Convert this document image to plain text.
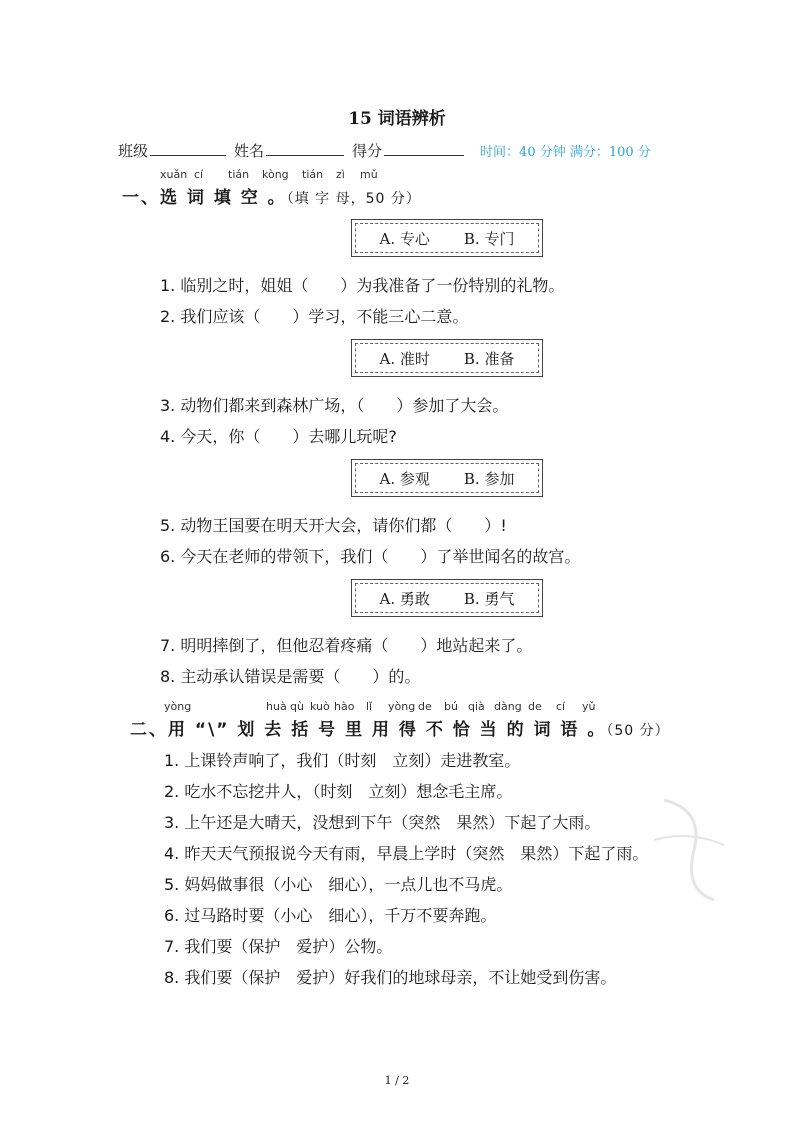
15 词语辨析
班级	姓名	得分	时间：40 分钟 满分：100 分
xuǎn cí tián kòng tián zì mǔ
一、选 词 填 空 。（填 字 母，50 分）
A. 专心 B. 专门
1. 临别之时，姐姐（　　）为我准备了一份特别的礼物。
2. 我们应该（　　）学习，不能三心二意。
A. 准时 B. 准备
3. 动物们都来到森林广场，（　　）参加了大会。
4. 今天，你（　　）去哪儿玩呢?
A. 参观 B. 参加
5. 动物王国要在明天开大会，请你们都（　　）!
6. 今天在老师的带领下，我们（　　）了举世闻名的故宫。
A. 勇敢 B. 勇气
7. 明明摔倒了，但他忍着疼痛（　　）地站起来了。
8. 主动承认错误是需要（　　）的。
yòng	huà qù kuò hào lǐ yòng de bú qià dàng de cí yǔ
二、用 “\” 划 去 括 号 里 用 得 不 恰 当 的 词 语 。（50 分）
1. 上课铃声响了，我们（时刻　立刻）走进教室。
2. 吃水不忘挖井人，（时刻　立刻）想念毛主席。
3. 上午还是大晴天，没想到下午（突然　果然）下起了大雨。
4. 昨天天气预报说今天有雨，早晨上学时（突然　果然）下起了雨。
5. 妈妈做事很（小心　细心），一点儿也不马虎。
6. 过马路时要（小心　细心），千万不要奔跑。
7. 我们要（保护　爱护）公物。
8. 我们要（保护　爱护）好我们的地球母亲，不让她受到伤害。
1 / 2
